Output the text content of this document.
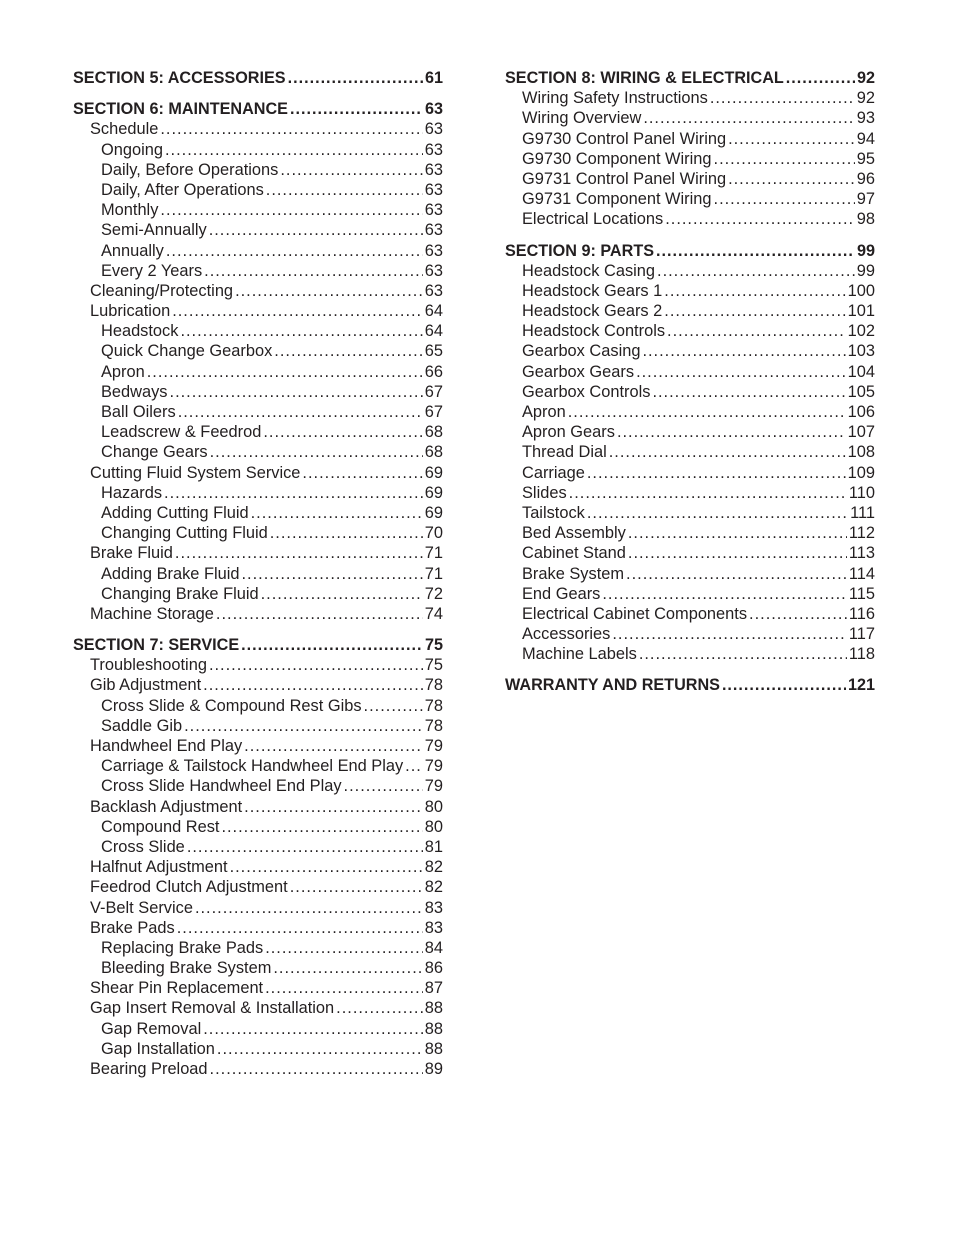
SECTION 5: ACCESSORIES .....	61
SECTION 6: MAINTENANCE .....	63
Schedule .....	63
Ongoing .....	63
Daily, Before Operations .....	63
Daily, After Operations .....	63
Monthly .....	63
Semi-Annually .....	63
Annually .....	63
Every 2 Years .....	63
Cleaning/Protecting .....	63
Lubrication .....	64
Headstock .....	64
Quick Change Gearbox .....	65
Apron .....	66
Bedways .....	67
Ball Oilers .....	67
Leadscrew & Feedrod .....	68
Change Gears .....	68
Cutting Fluid System Service .....	69
Hazards .....	69
Adding Cutting Fluid .....	69
Changing Cutting Fluid .....	70
Brake Fluid .....	71
Adding Brake Fluid .....	71
Changing Brake Fluid .....	72
Machine Storage .....	74
SECTION 7: SERVICE .....	75
Troubleshooting .....	75
Gib Adjustment .....	78
Cross Slide & Compound Rest Gibs .....	78
Saddle Gib .....	78
Handwheel End Play .....	79
Carriage & Tailstock Handwheel End Play ..... 79
Cross Slide Handwheel End Play .....	79
Backlash Adjustment .....	80
Compound Rest .....	80
Cross Slide .....	81
Halfnut Adjustment .....	82
Feedrod Clutch Adjustment .....	82
V-Belt Service .....	83
Brake Pads .....	83
Replacing Brake Pads .....	84
Bleeding Brake System .....	86
Shear Pin Replacement .....	87
Gap Insert Removal & Installation .....	88
Gap Removal .....	88
Gap Installation .....	88
Bearing Preload .....	89
SECTION 8: WIRING & ELECTRICAL .....	92
Wiring Safety Instructions .....	92
Wiring Overview .....	93
G9730 Control Panel Wiring .....	94
G9730 Component Wiring .....	95
G9731 Control Panel Wiring .....	96
G9731 Component Wiring .....	97
Electrical Locations .....	98
SECTION 9: PARTS .....	99
Headstock Casing .....	99
Headstock Gears 1 .....	100
Headstock Gears 2 .....	101
Headstock Controls .....	102
Gearbox Casing .....	103
Gearbox Gears .....	104
Gearbox Controls .....	105
Apron .....	106
Apron Gears .....	107
Thread Dial .....	108
Carriage .....	109
Slides .....	110
Tailstock .....	111
Bed Assembly .....	112
Cabinet Stand .....	113
Brake System .....	114
End Gears .....	115
Electrical Cabinet Components .....	116
Accessories .....	117
Machine Labels .....	118
WARRANTY AND RETURNS .....	121
